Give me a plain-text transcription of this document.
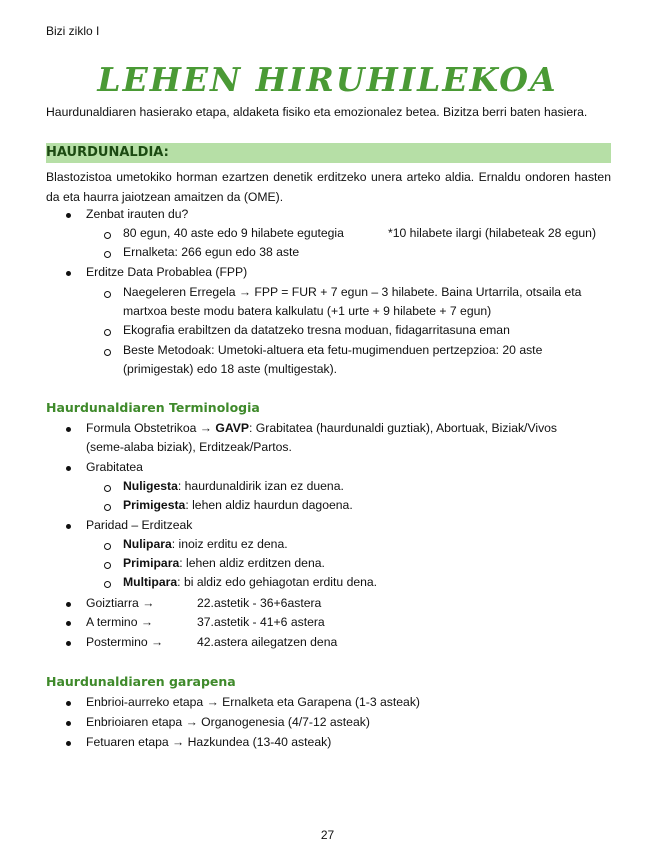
Bizi ziklo I
LEHEN HIRUHILEKOA
Haurdunaldiaren hasierako etapa, aldaketa fisiko eta emozionalez betea. Bizitza berri baten hasiera.
HAURDUNALDIA:
Blastozistoa umetokiko horman ezartzen denetik erditzeko unera arteko aldia. Ernaldu ondoren hasten da eta haurra jaiotzean amaitzen da (OME).
Zenbat irauten du?
80 egun, 40 aste edo 9 hilabete egutegia	*10 hilabete ilargi (hilabeteak 28 egun)
Ernalketa: 266 egun edo 38 aste
Erditze Data Probablea (FPP)
Naegeleren Erregela → FPP = FUR + 7 egun – 3 hilabete. Baina Urtarrila, otsaila eta
martxoa beste modu batera kalkulatu (+1 urte + 9 hilabete + 7 egun)
Ekografia erabiltzen da datatzeko tresna moduan, fidagarritasuna eman
Beste Metodoak: Umetoki-altuera eta fetu-mugimenduen pertzepzioa: 20 aste
(primigestak) edo 18 aste (multigestak).
Haurdunaldiaren Terminologia
Formula Obstetrikoa → GAVP: Grabitatea (haurdunaldi guztiak), Abortuak, Biziak/Vivos
(seme-alaba biziak), Erditzeak/Partos.
Grabitatea
Nuligesta: haurdunaldirik izan ez duena.
Primigesta: lehen aldiz haurdun dagoena.
Paridad – Erditzeak
Nulipara: inoiz erditu ez dena.
Primipara: lehen aldiz erditzen dena.
Multipara: bi aldiz edo gehiagotan erditu dena.
Goiztiarra →	22.astetik - 36+6astera
A termino →	37.astetik - 41+6 astera
Postermino →	42.astera ailegatzen dena
Haurdunaldiaren garapena
Enbrioi-aurreko etapa → Ernalketa eta Garapena (1-3 asteak)
Enbrioiaren etapa → Organogenesia (4/7-12 asteak)
Fetuaren etapa → Hazkundea (13-40 asteak)
27
